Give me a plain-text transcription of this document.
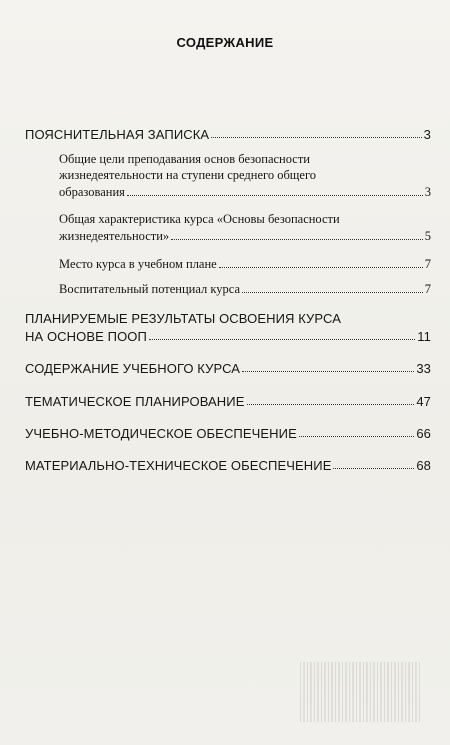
СОДЕРЖАНИЕ
ПОЯСНИТЕЛЬНАЯ ЗАПИСКА	3
Общие цели преподавания основ безопасности
жизнедеятельности на ступени среднего общего
образования	3
Общая характеристика курса «Основы безопасности
жизнедеятельности»	5
Место курса в учебном плане	7
Воспитательный потенциал курса	7
ПЛАНИРУЕМЫЕ РЕЗУЛЬТАТЫ ОСВОЕНИЯ КУРСА
НА ОСНОВЕ ПООП	11
СОДЕРЖАНИЕ УЧЕБНОГО КУРСА	33
ТЕМАТИЧЕСКОЕ ПЛАНИРОВАНИЕ	47
УЧЕБНО-МЕТОДИЧЕСКОЕ ОБЕСПЕЧЕНИЕ	66
МАТЕРИАЛЬНО-ТЕХНИЧЕСКОЕ ОБЕСПЕЧЕНИЕ	68
